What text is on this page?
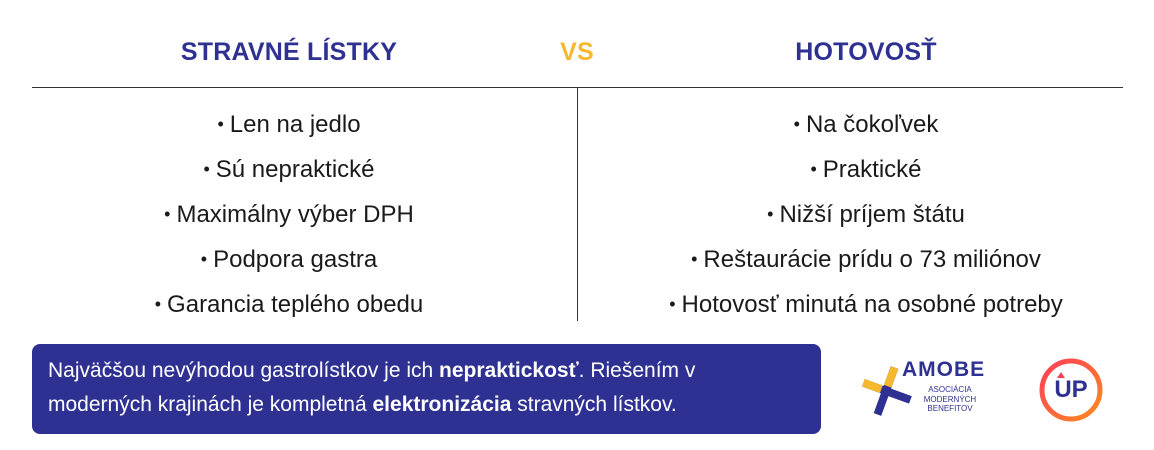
STRAVNÉ LÍSTKY	VS	HOTOVOSŤ
• Len na jedlo
• Sú nepraktické
• Maximálny výber DPH
• Podpora gastra
• Garancia teplého obedu
• Na čokoľvek
• Praktické
• Nižší príjem štátu
• Reštaurácie prídu o 73 miliónov
• Hotovosť minutá na osobné potreby
Najväčšou nevýhodou gastrolístkov je ich nepraktickosť. Riešením v moderných krajinách je kompletná elektronizácia stravných lístkov.
AMOBE
ASOCIÁCIA
MODERNÝCH
BENEFITOV
UP
